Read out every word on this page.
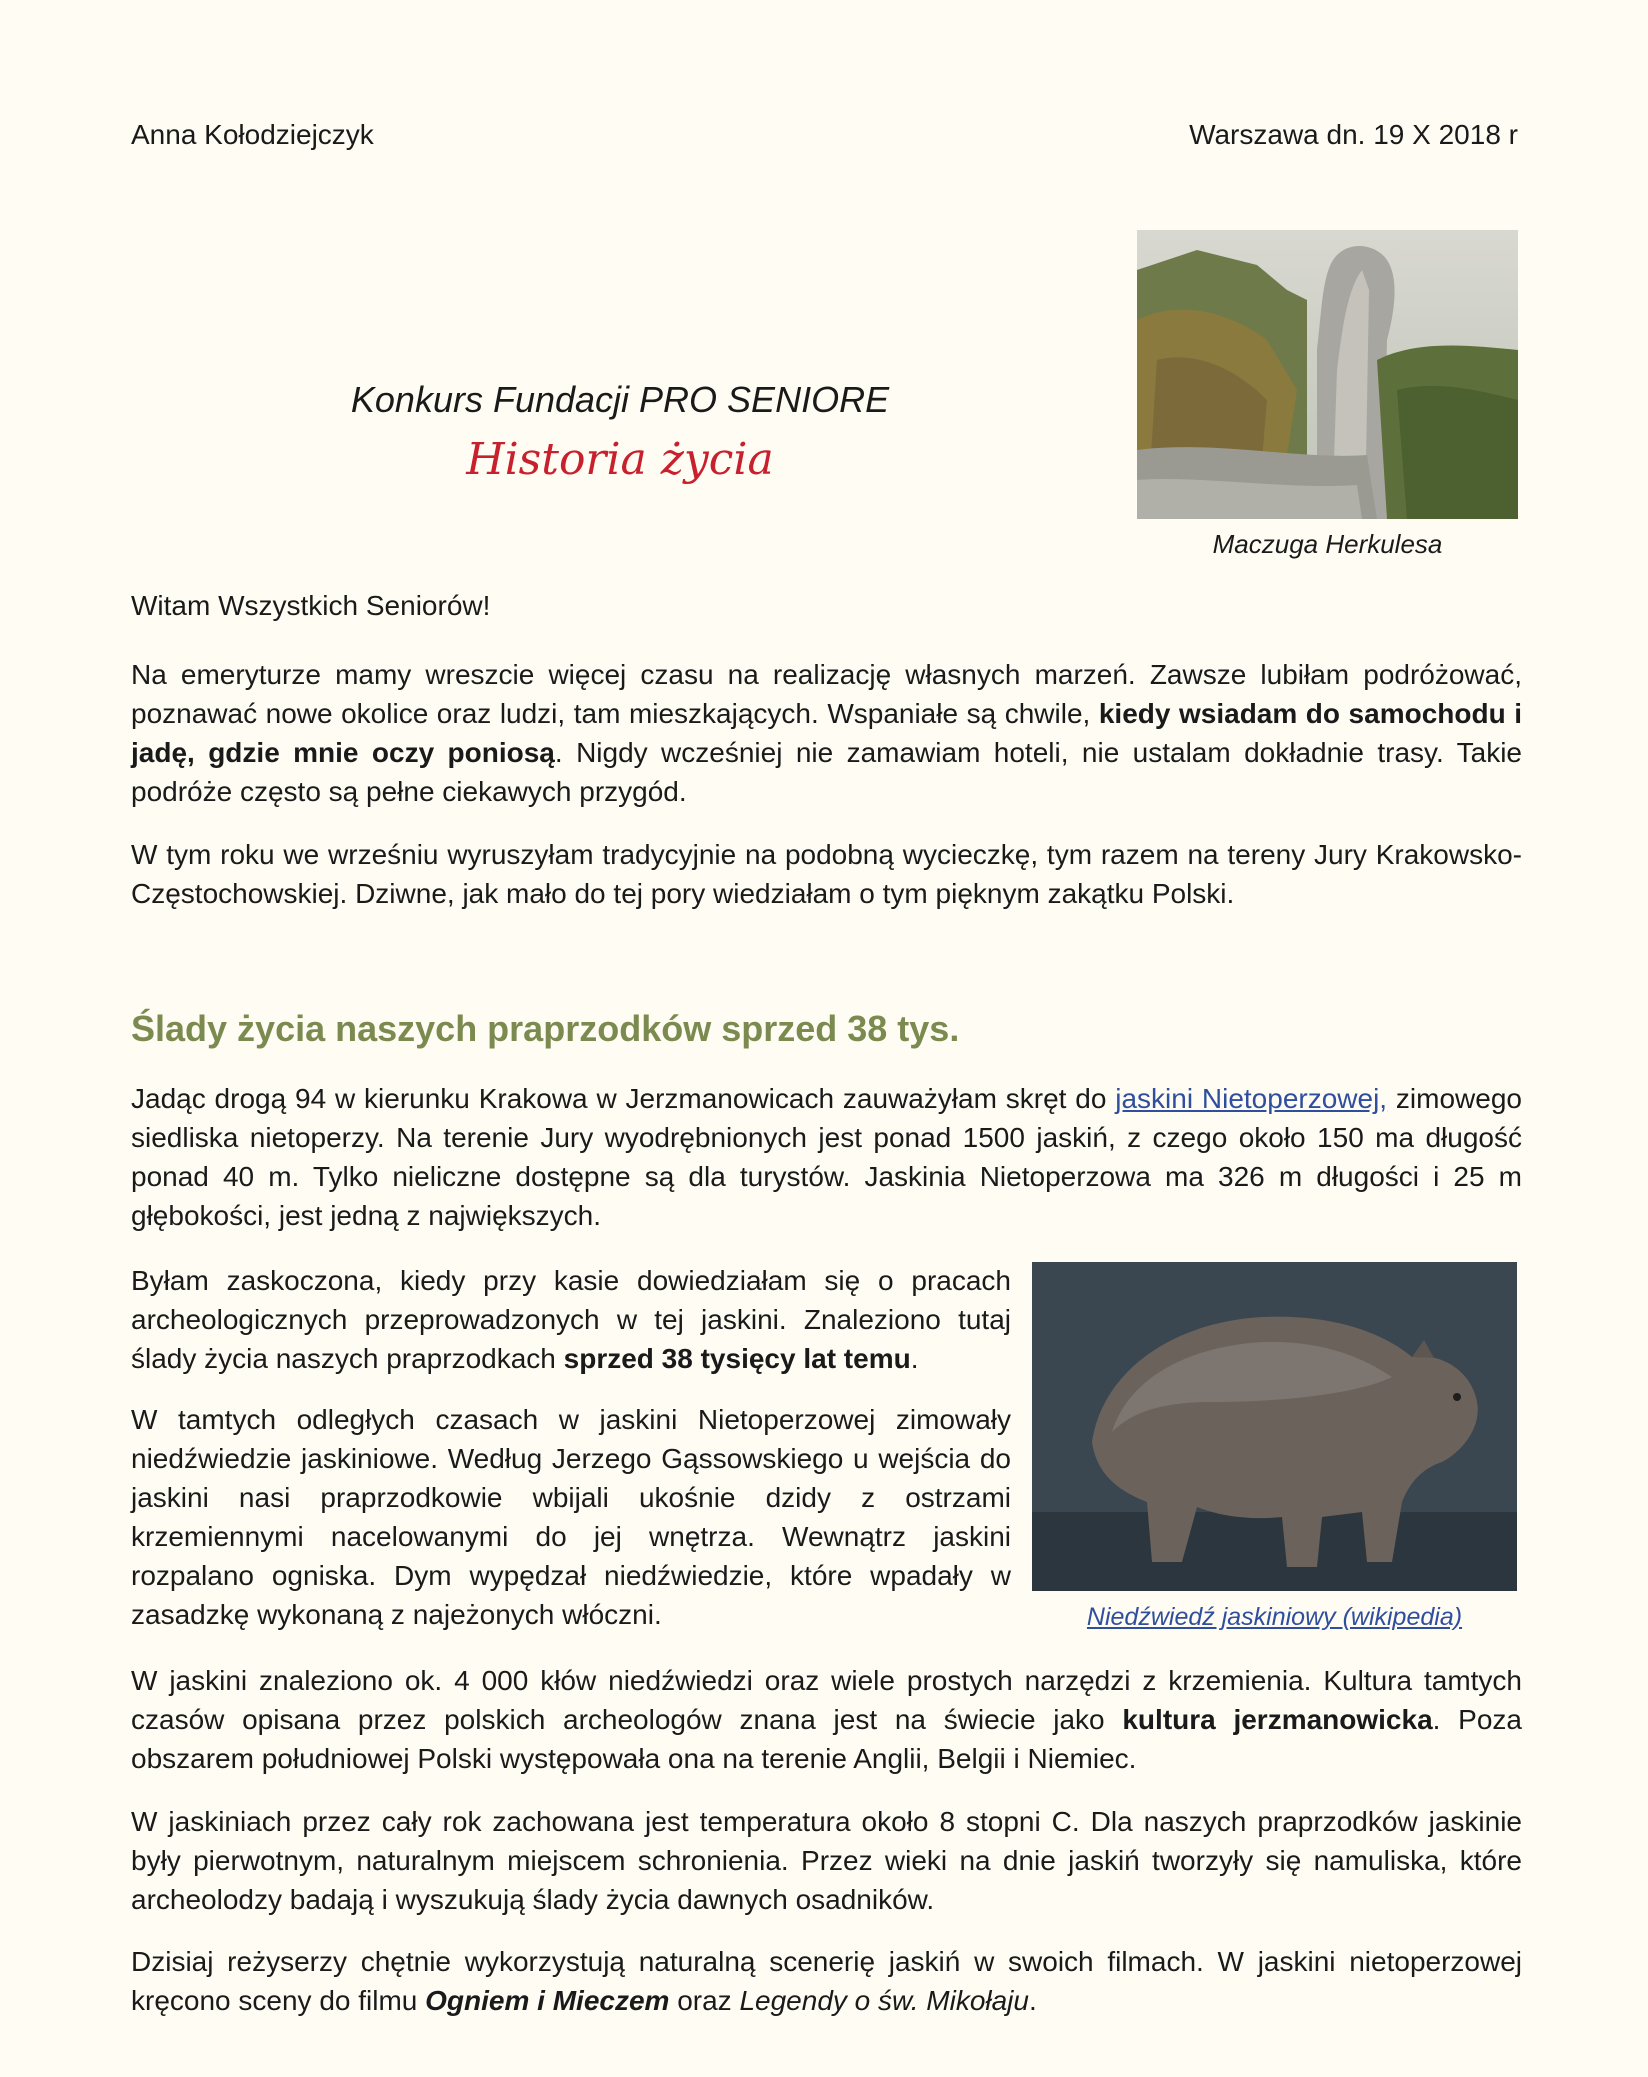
Anna Kołodziejczyk	Warszawa dn. 19 X 2018 r
Maczuga Herkulesa
Konkurs Fundacji PRO SENIORE
Historia życia
Witam Wszystkich Seniorów!

Na emeryturze mamy wreszcie więcej czasu na realizację własnych marzeń. Zawsze lubiłam podróżować, poznawać nowe okolice oraz ludzi, tam mieszkających. Wspaniałe są chwile, kiedy wsiadam do samochodu i jadę, gdzie mnie oczy poniosą. Nigdy wcześniej nie zamawiam hoteli, nie ustalam dokładnie trasy. Takie podróże często są pełne ciekawych przygód.

W tym roku we wrześniu wyruszyłam tradycyjnie na podobną wycieczkę, tym razem na tereny Jury Krakowsko-Częstochowskiej. Dziwne, jak mało do tej pory wiedziałam o tym pięknym zakątku Polski.

Ślady życia naszych praprzodków sprzed 38 tys.

Jadąc drogą 94 w kierunku Krakowa w Jerzmanowicach zauważyłam skręt do jaskini Nietoperzowej, zimowego siedliska nietoperzy. Na terenie Jury wyodrębnionych jest ponad 1500 jaskiń, z czego około 150 ma długość ponad 40 m. Tylko nieliczne dostępne są dla turystów. Jaskinia Nietoperzowa ma 326 m długości i 25 m głębokości, jest jedną z największych.

Byłam zaskoczona, kiedy przy kasie dowiedziałam się o pracach archeologicznych przeprowadzonych w tej jaskini. Znaleziono tutaj ślady życia naszych praprzodkach sprzed 38 tysięcy lat temu.

W tamtych odległych czasach w jaskini Nietoperzowej zimowały niedźwiedzie jaskiniowe. Według Jerzego Gąssowskiego u wejścia do jaskini nasi praprzodkowie wbijali ukośnie dzidy z ostrzami krzemiennymi nacelowanymi do jej wnętrza. Wewnątrz jaskini rozpalano ogniska. Dym wypędzał niedźwiedzie, które wpadały w zasadzkę wykonaną z najeżonych włóczni.	Niedźwiedź jaskiniowy (wikipedia)

W jaskini znaleziono ok. 4 000 kłów niedźwiedzi oraz wiele prostych narzędzi z krzemienia. Kultura tamtych czasów opisana przez polskich archeologów znana jest na świecie jako kultura jerzmanowicka. Poza obszarem południowej Polski występowała ona na terenie Anglii, Belgii i Niemiec.

W jaskiniach przez cały rok zachowana jest temperatura około 8 stopni C. Dla naszych praprzodków jaskinie były pierwotnym, naturalnym miejscem schronienia. Przez wieki na dnie jaskiń tworzyły się namuliska, które archeolodzy badają i wyszukują ślady życia dawnych osadników.

Dzisiaj reżyserzy chętnie wykorzystują naturalną scenerię jaskiń w swoich filmach. W jaskini nietoperzowej kręcono sceny do filmu Ogniem i Mieczem oraz Legendy o św. Mikołaju.
